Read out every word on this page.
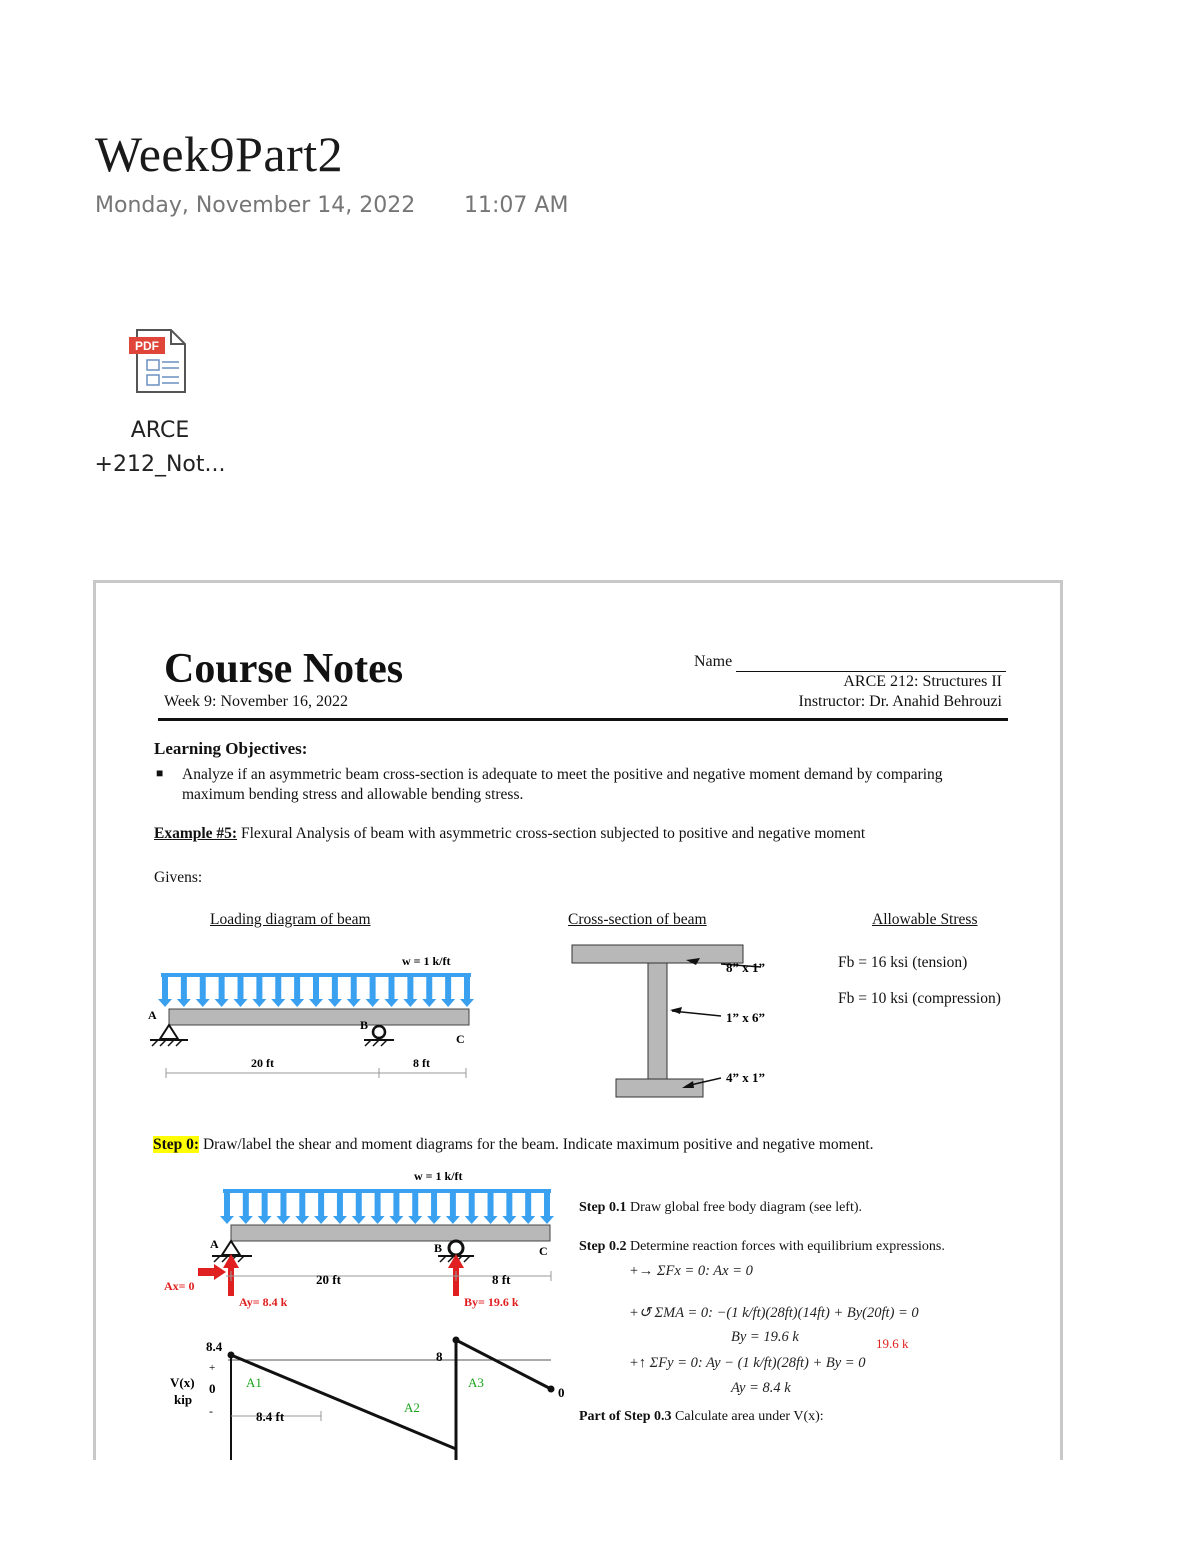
Week9Part2
Monday, November 14, 2022 11:07 AM
PDF
ARCE
+212_Not...
Course Notes
Week 9: November 16, 2022
Name
ARCE 212: Structures II
Instructor: Dr. Anahid Behrouzi
Learning Objectives:
■ Analyze if an asymmetric beam cross-section is adequate to meet the positive and negative moment demand by comparing maximum bending stress and allowable bending stress.
Example #5: Flexural Analysis of beam with asymmetric cross-section subjected to positive and negative moment
Givens:
Loading diagram of beam	Cross-section of beam	Allowable Stress
w = 1 k/ft
A
B
C
20 ft	8 ft
8” x 1”
1” x 6”
4” x 1”
Fb = 16 ksi (tension)
Fb = 10 ksi (compression)
Step 0: Draw/label the shear and moment diagrams for the beam. Indicate maximum positive and negative moment.
w = 1 k/ft
A	B	C
Ax= 0
Ay= 8.4 k	By= 19.6 k
20 ft	8 ft
8.4
8
0
+
0
-
V(x)
kip
A1
A2
A3
8.4 ft
Step 0.1 Draw global free body diagram (see left).
Step 0.2 Determine reaction forces with equilibrium expressions.
+→ ΣFx = 0: Ax = 0
+↺ ΣMA = 0: −(1 k/ft)(28ft)(14ft) + By(20ft) = 0
By = 19.6 k	19.6 k
+↑ ΣFy = 0: Ay − (1 k/ft)(28ft) + By = 0
Ay = 8.4 k
Part of Step 0.3 Calculate area under V(x):
